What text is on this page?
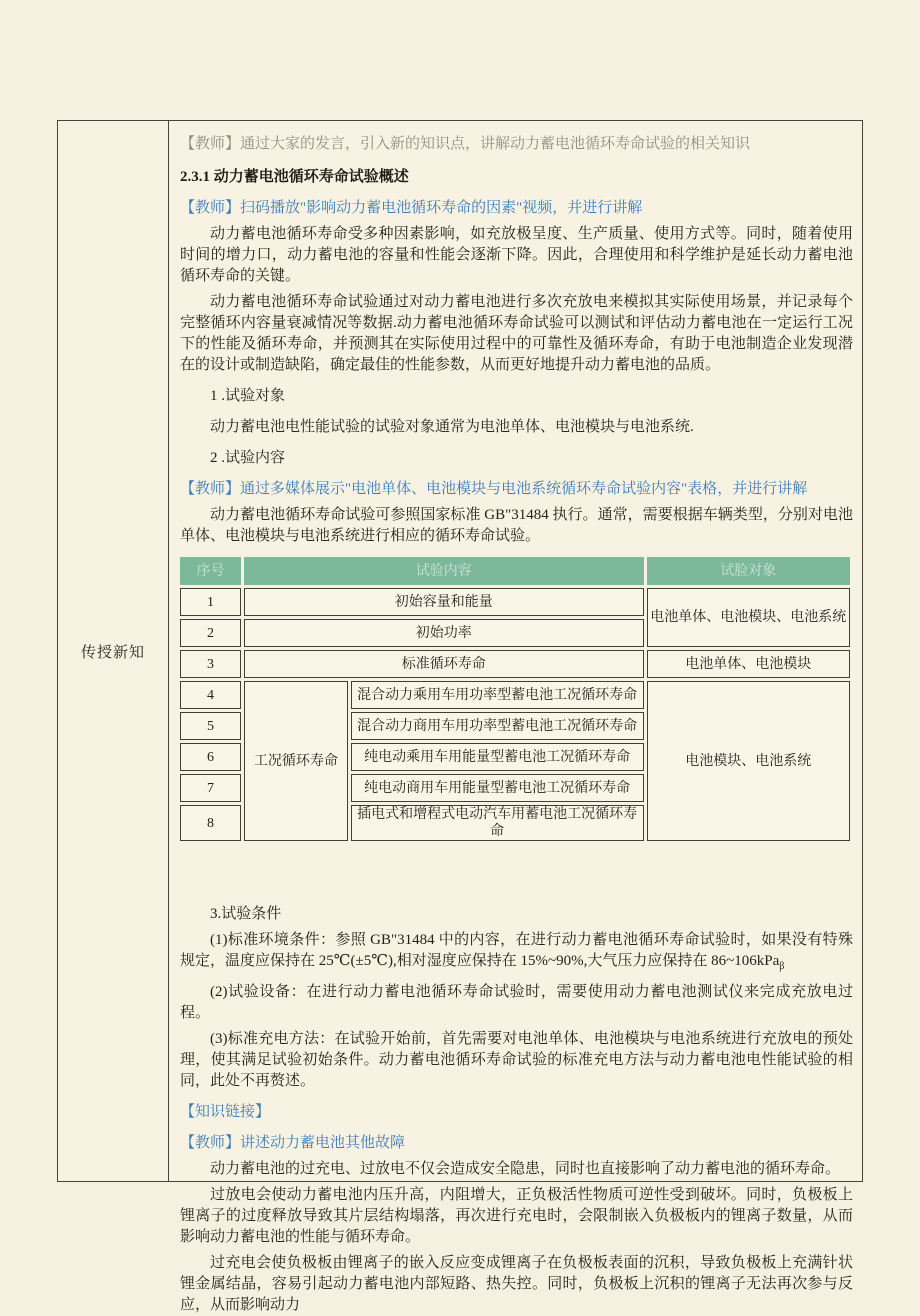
传授新知
【教师】通过大家的发言，引入新的知识点，讲解动力蓄电池循环寿命试验的相关知识
2.3.1 动力蓄电池循环寿命试验概述
【教师】扫码播放"影响动力蓄电池循环寿命的因素"视频，并进行讲解
动力蓄电池循环寿命受多种因素影响，如充放极呈度、生产质量、使用方式等。同时，随着使用时间的增力口，动力蓄电池的容量和性能会逐渐下降。因此，合理使用和科学维护是延长动力蓄电池循环寿命的关键。
动力蓄电池循环寿命试验通过对动力蓄电池进行多次充放电来模拟其实际使用场景，并记录每个完整循环内容量衰减情况等数据.动力蓄电池循环寿命试验可以测试和评估动力蓄电池在一定运行工况下的性能及循环寿命，并预测其在实际使用过程中的可靠性及循环寿命，有助于电池制造企业发现潜在的设计或制造缺陷，确定最佳的性能参数，从而更好地提升动力蓄电池的品质。
1 .试验对象
动力蓄电池电性能试验的试验对象通常为电池单体、电池模块与电池系统.
2 .试验内容
【教师】通过多媒体展示"电池单体、电池模块与电池系统循环寿命试验内容"表格，并进行讲解
动力蓄电池循环寿命试验可参照国家标准 GB"31484 执行。通常，需要根据车辆类型，分别对电池单体、电池模块与电池系统进行相应的循环寿命试验。
序号	试验内容		试脸对象
1	初始容量和能量		电池单体、电池模块、电池系统
2	初始功率		
3	标准循环寿命		电池单体、电池模块
4	工况循环寿命	混合动力乘用车用功率型蓄电池工况循环寿命	电池模块、电池系统
5		混合动力商用车用功率型蓄电池工况循环寿命	
6		纯电动乘用车用能量型蓄电池工况循环寿命	
7		纯电动商用车用能量型蓄电池工况循环寿命	
8		插电式和增程式电动汽车用蓄电池工况循环寿命	
3.试验条件
(1)标准环境条件：参照 GB"31484 中的内容，在进行动力蓄电池循环寿命试验时，如果没有特殊规定，温度应保持在 25℃(±5℃),相对湿度应保持在 15%~90%,大气压力应保持在 86~106kPa$_\beta$
(2)试验设备：在进行动力蓄电池循环寿命试验时，需要使用动力蓄电池测试仪来完成充放电过程。
(3)标准充电方法：在试验开始前，首先需要对电池单体、电池模块与电池系统进行充放电的预处理，使其满足试验初始条件。动力蓄电池循环寿命试验的标准充电方法与动力蓄电池电性能试验的相同，此处不再赘述。
【知识链接】
【教师】讲述动力蓄电池其他故障
动力蓄电池的过充电、过放电不仅会造成安全隐患，同时也直接影响了动力蓄电池的循环寿命。
过放电会使动力蓄电池内压升高，内阻增大，正负极活性物质可逆性受到破坏。同时，负极板上锂离子的过度释放导致其片层结构塌落，再次进行充电时，会限制嵌入负极板内的锂离子数量，从而影响动力蓄电池的性能与循环寿命。
过充电会使负极板由锂离子的嵌入反应变成锂离子在负极板表面的沉积，导致负极板上充满针状锂金属结晶，容易引起动力蓄电池内部短路、热失控。同时，负极板上沉积的锂离子无法再次参与反应，从而影响动力
